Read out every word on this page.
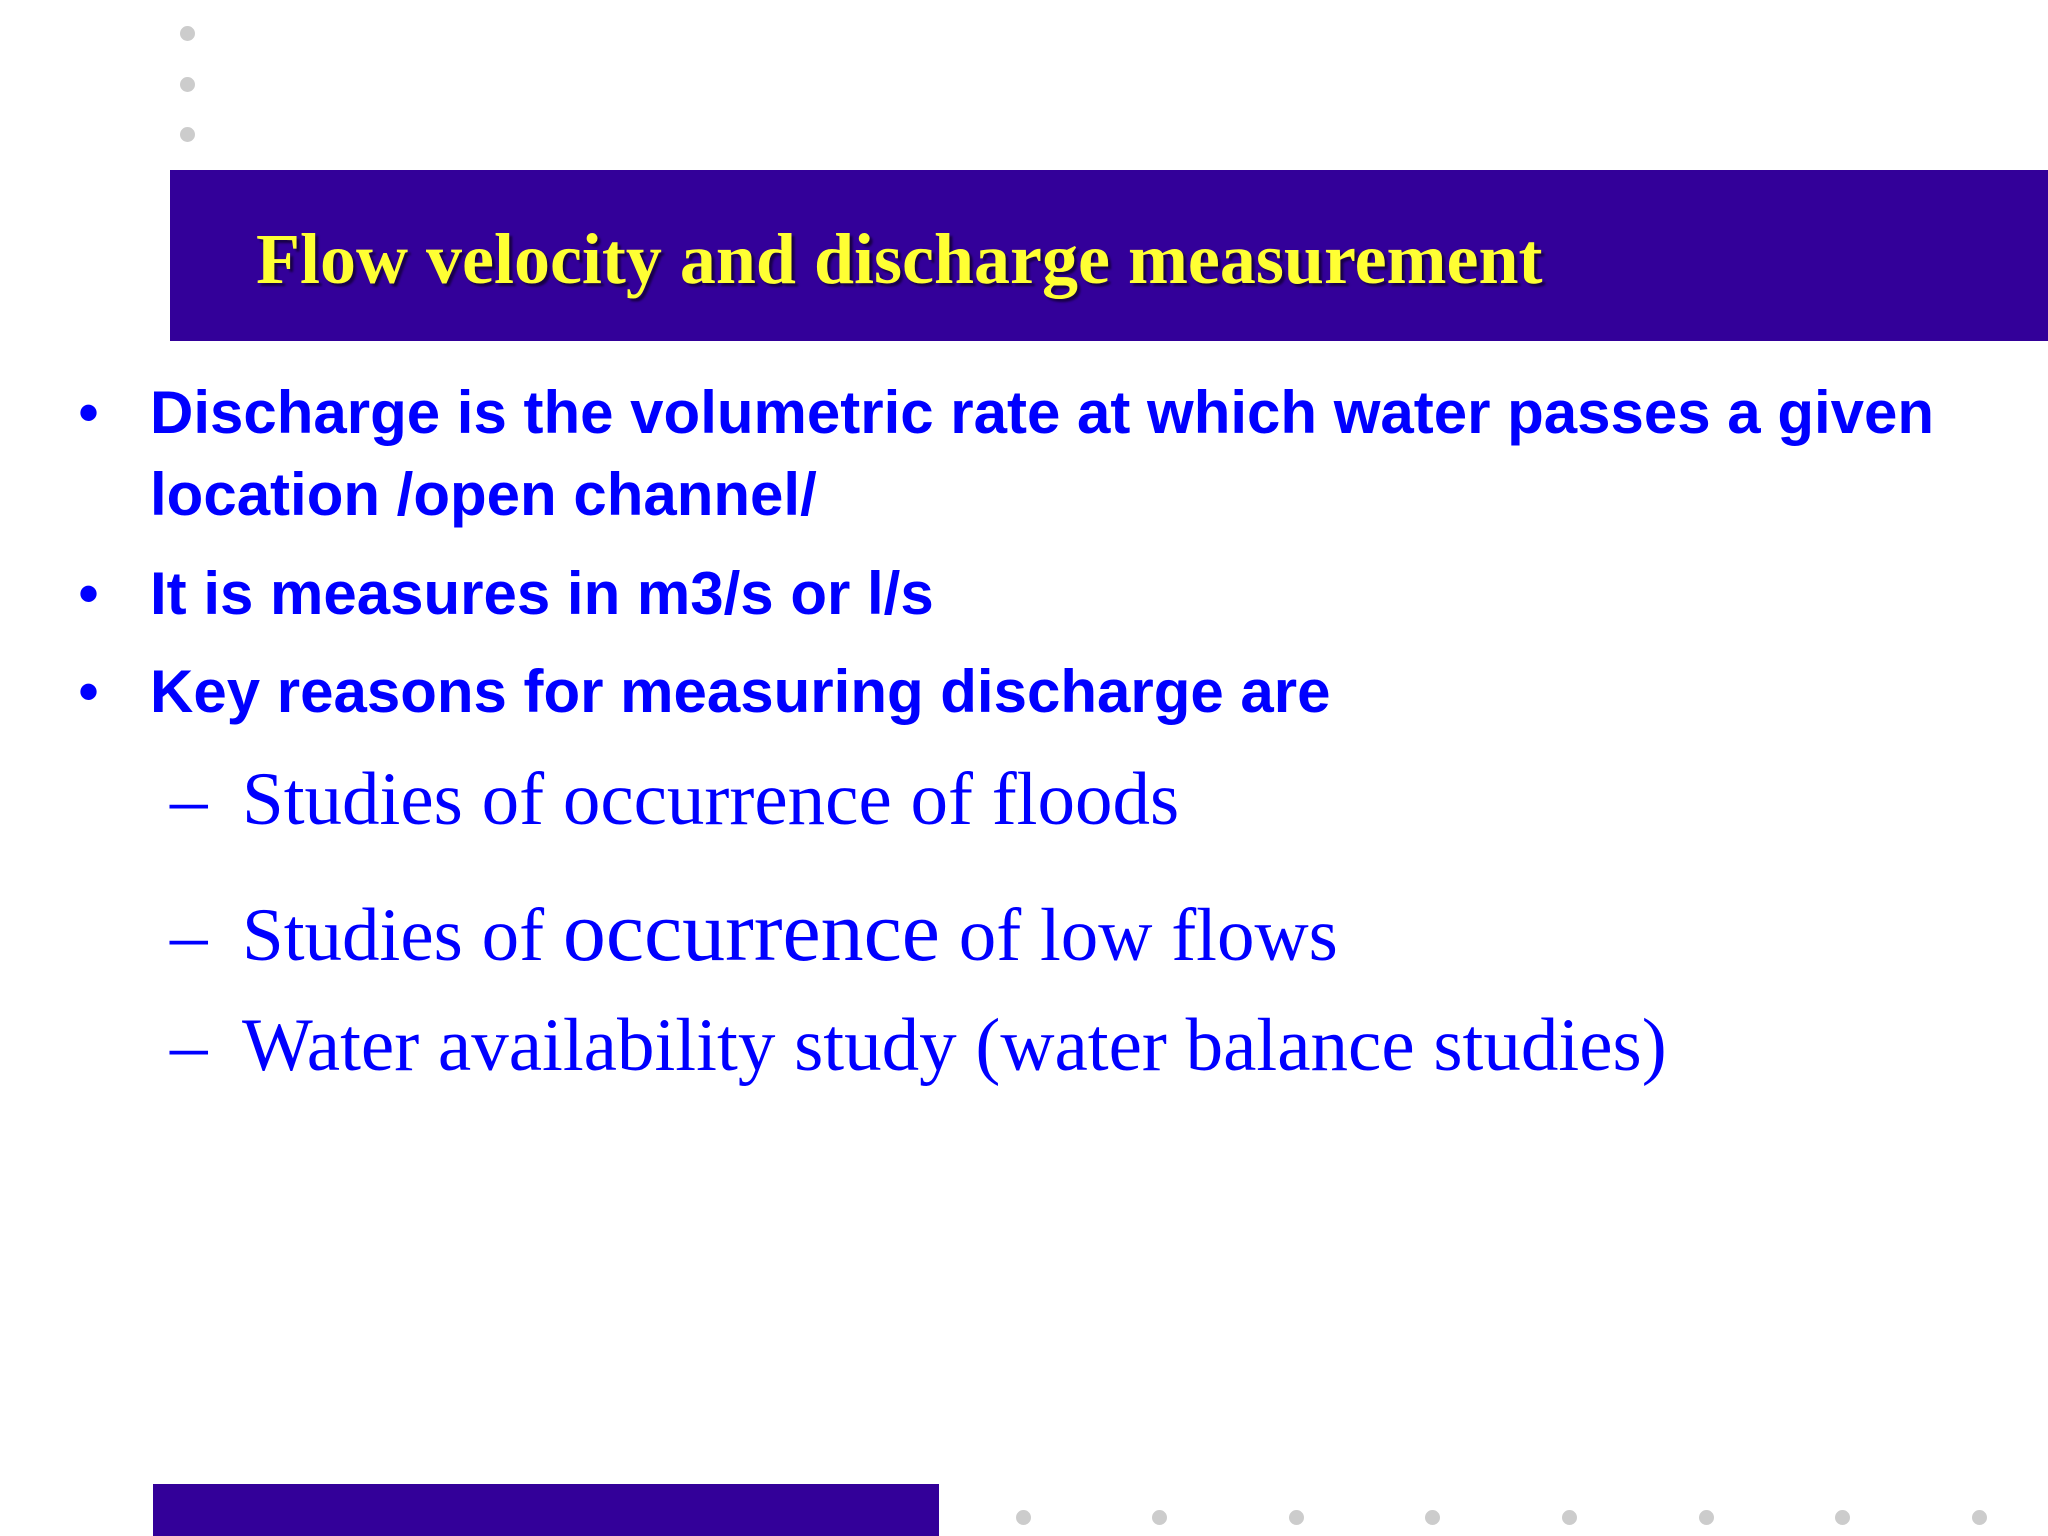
Flow velocity and discharge measurement
• Discharge is the volumetric rate at which water passes a given location /open channel/
• It is measures in m3/s or l/s
• Key reasons for measuring discharge are
– Studies of occurrence of floods
– Studies of occurrence of low flows
– Water availability study (water balance studies)
